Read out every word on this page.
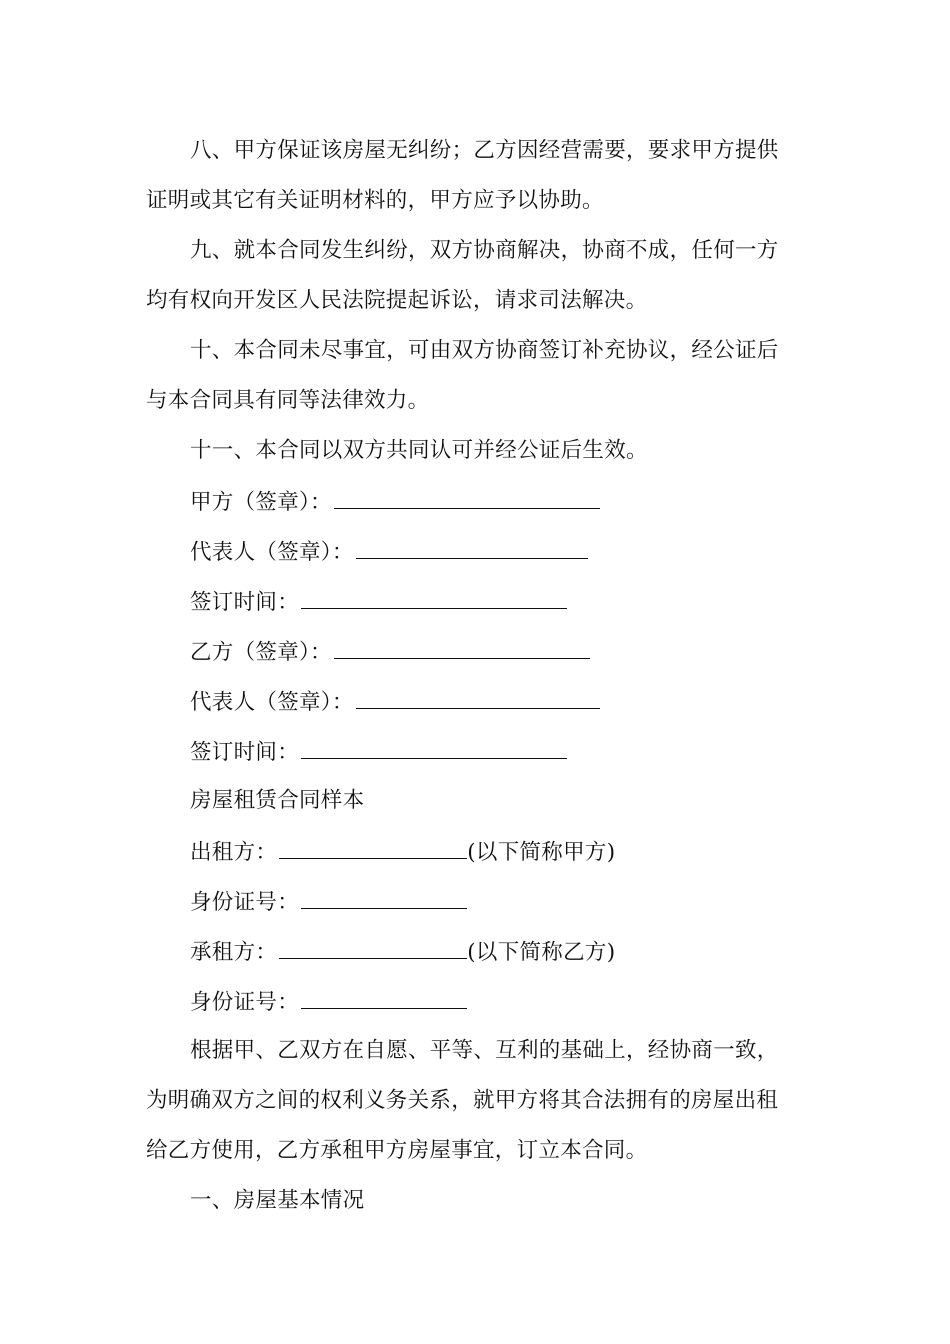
八、甲方保证该房屋无纠纷；乙方因经营需要，要求甲方提供
证明或其它有关证明材料的，甲方应予以协助。
九、就本合同发生纠纷，双方协商解决，协商不成，任何一方
均有权向开发区人民法院提起诉讼，请求司法解决。
十、本合同未尽事宜，可由双方协商签订补充协议，经公证后
与本合同具有同等法律效力。
十一、本合同以双方共同认可并经公证后生效。
甲方（签章）：
代表人（签章）：
签订时间：
乙方（签章）：
代表人（签章）：
签订时间：
房屋租赁合同样本
出租方：	(以下简称甲方)
身份证号：
承租方：	(以下简称乙方)
身份证号：
根据甲、乙双方在自愿、平等、互利的基础上，经协商一致，
为明确双方之间的权利义务关系，就甲方将其合法拥有的房屋出租
给乙方使用，乙方承租甲方房屋事宜，订立本合同。
一、房屋基本情况
